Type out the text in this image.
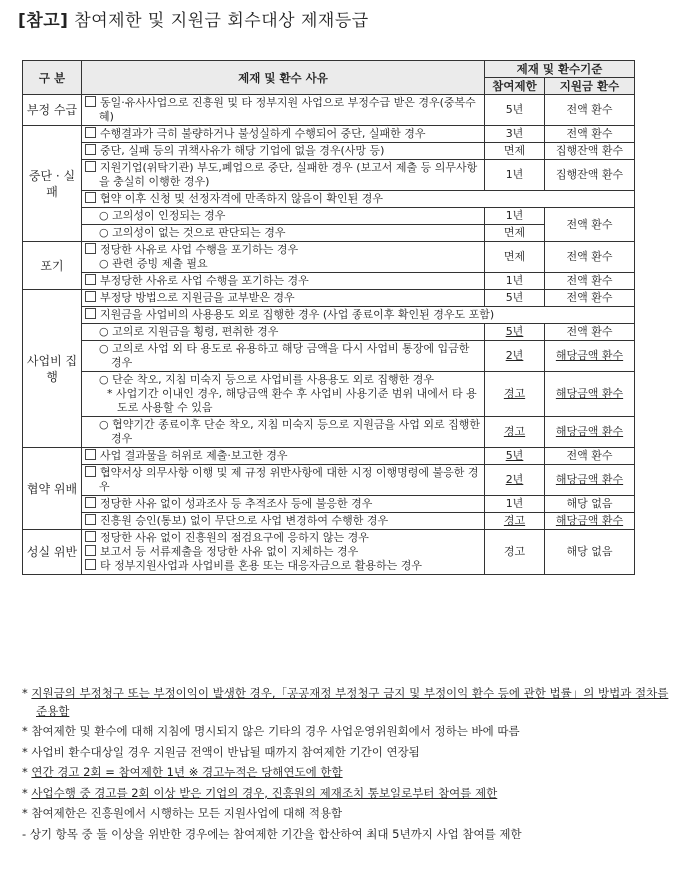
[참고] 참여제한 및 지원금 회수대상 제재등급
구 분	제재 및 환수 사유	제재 및 환수기준	
		참여제한	지원금 환수
부정 수급	동일·유사사업으로 진흥원 및 타 정부지원 사업으로 부정수급 받은 경우(중복수혜)	5년	전액 환수
중단 · 실패	수행결과가 극히 불량하거나 불성실하게 수행되어 중단, 실패한 경우	3년	전액 환수

	중단, 실패 등의 귀책사유가 해당 기업에 없을 경우(사망 등)	면제	집행잔액 환수

	지원기업(위탁기관) 부도,폐업으로 중단, 실패한 경우 (보고서 제출 등 의무사항을 충실히 이행한 경우)	1년	집행잔액 환수

	협약 이후 신청 및 선정자격에 만족하지 않음이 확인된 경우		

	○ 고의성이 인정되는 경우	1년	전액 환수

	○ 고의성이 없는 것으로 판단되는 경우	면제	
포기	정당한 사유로 사업 수행을 포기하는 경우
○ 관련 증빙 제출 필요	면제	전액 환수

	부정당한 사유로 사업 수행을 포기하는 경우	1년	전액 환수
사업비 집행	부정당 방법으로 지원금을 교부받은 경우	5년	전액 환수

	지원금을 사업비의 사용용도 외로 집행한 경우 (사업 종료이후 확인된 경우도 포함)		

	○ 고의로 지원금을 횡령, 편취한 경우	5년	전액 환수

	○ 고의로 사업 외 타 용도로 유용하고 해당 금액을 다시 사업비 통장에 입금한 경우	2년	해당금액 환수

	○ 단순 착오, 지침 미숙지 등으로 사업비를 사용용도 외로 집행한 경우
* 사업기간 이내인 경우, 해당금액 환수 후 사업비 사용기준 범위 내에서 타 용도로 사용할 수 있음	경고	해당금액 환수

	○ 협약기간 종료이후 단순 착오, 지침 미숙지 등으로 지원금을 사업 외로 집행한 경우	경고	해당금액 환수
협약 위배	사업 결과물을 허위로 제출·보고한 경우	5년	전액 환수

	협약서상 의무사항 이행 및 제 규정 위반사항에 대한 시정 이행명령에 불응한 경우	2년	해당금액 환수

	정당한 사유 없이 성과조사 등 추적조사 등에 불응한 경우	1년	해당 없음

	진흥원 승인(통보) 없이 무단으로 사업 변경하여 수행한 경우	경고	해당금액 환수
성실 위반	정당한 사유 없이 진흥원의 점검요구에 응하지 않는 경우
보고서 등 서류제출을 정당한 사유 없이 지체하는 경우
타 정부지원사업과 사업비를 혼용 또는 대응자금으로 활용하는 경우	경고	해당 없음
* 지원금의 부정청구 또는 부정이익이 발생한 경우,「공공재정 부정청구 금지 및 부정이익 환수 등에 관한 법률」의 방법과 절차를 준용함
* 참여제한 및 환수에 대해 지침에 명시되지 않은 기타의 경우 사업운영위원회에서 정하는 바에 따름
* 사업비 환수대상일 경우 지원금 전액이 반납될 때까지 참여제한 기간이 연장됨
* 연간 경고 2회 = 참여제한 1년 ※ 경고누적은 당해연도에 한함
* 사업수행 중 경고를 2회 이상 받은 기업의 경우, 진흥원의 제재조치 통보일로부터 참여를 제한
* 참여제한은 진흥원에서 시행하는 모든 지원사업에 대해 적용함
- 상기 항목 중 둘 이상을 위반한 경우에는 참여제한 기간을 합산하여 최대 5년까지 사업 참여를 제한
